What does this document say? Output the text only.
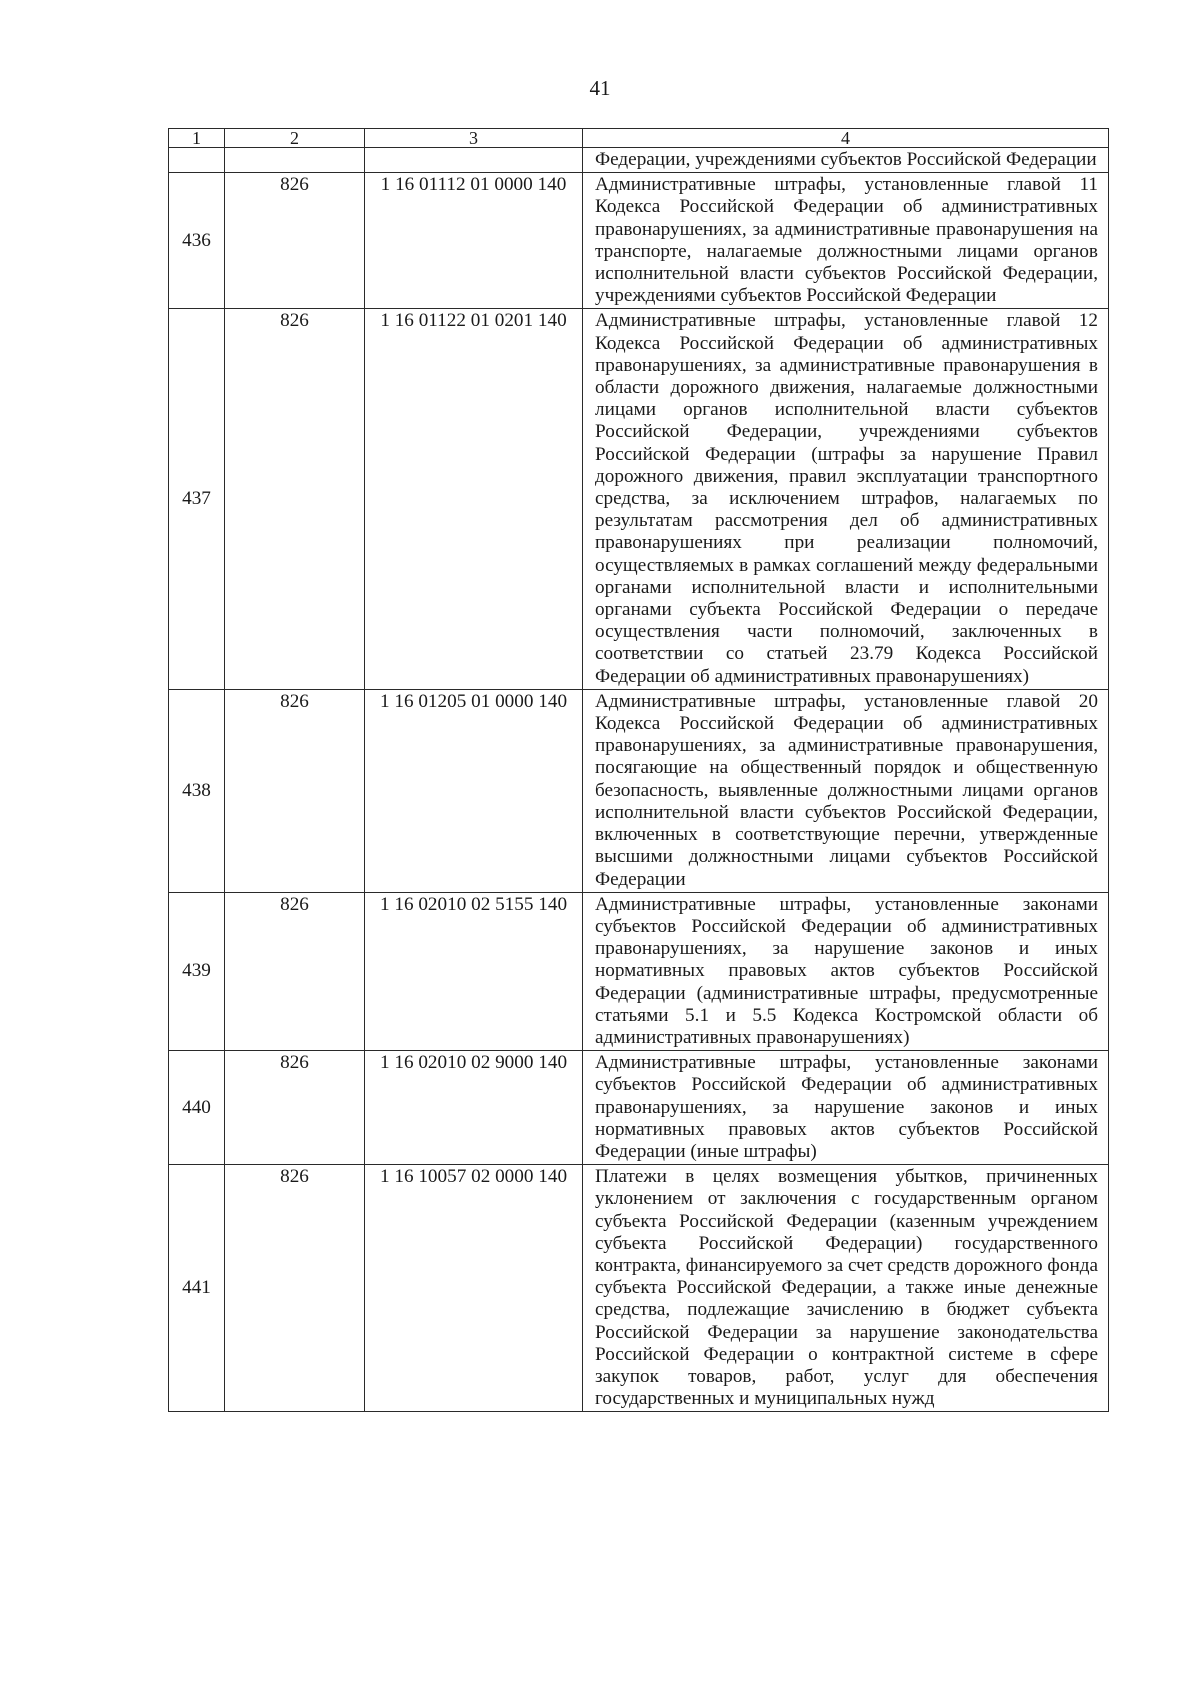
41
1	2	3	4
			Федерации, учреждениями субъектов Российской Федерации
436	826	1 16 01112 01 0000 140	Административные штрафы, установленные главой 11 Кодекса Российской Федерации об административных правонарушениях, за административные правонарушения на транспорте, налагаемые должностными лицами органов исполнительной власти субъектов Российской Федерации, учреждениями субъектов Российской Федерации
437	826	1 16 01122 01 0201 140	Административные штрафы, установленные главой 12 Кодекса Российской Федерации об административных правонарушениях, за административные правонарушения в области дорожного движения, налагаемые должностными лицами органов исполнительной власти субъектов Российской Федерации, учреждениями субъектов Российской Федерации (штрафы за нарушение Правил дорожного движения, правил эксплуатации транспортного средства, за исключением штрафов, налагаемых по результатам рассмотрения дел об административных правонарушениях при реализации полномочий, осуществляемых в рамках соглашений между федеральными органами исполнительной власти и исполнительными органами субъекта Российской Федерации о передаче осуществления части полномочий, заключенных в соответствии со статьей 23.79 Кодекса Российской Федерации об административных правонарушениях)
438	826	1 16 01205 01 0000 140	Административные штрафы, установленные главой 20 Кодекса Российской Федерации об административных правонарушениях, за административные правонарушения, посягающие на общественный порядок и общественную безопасность, выявленные должностными лицами органов исполнительной власти субъектов Российской Федерации, включенных в соответствующие перечни, утвержденные высшими должностными лицами субъектов Российской Федерации
439	826	1 16 02010 02 5155 140	Административные штрафы, установленные законами субъектов Российской Федерации об административных правонарушениях, за нарушение законов и иных нормативных правовых актов субъектов Российской Федерации (административные штрафы, предусмотренные статьями 5.1 и 5.5 Кодекса Костромской области об административных правонарушениях)
440	826	1 16 02010 02 9000 140	Административные штрафы, установленные законами субъектов Российской Федерации об административных правонарушениях, за нарушение законов и иных нормативных правовых актов субъектов Российской Федерации (иные штрафы)
441	826	1 16 10057 02 0000 140	Платежи в целях возмещения убытков, причиненных уклонением от заключения с государственным органом субъекта Российской Федерации (казенным учреждением субъекта Российской Федерации) государственного контракта, финансируемого за счет средств дорожного фонда субъекта Российской Федерации, а также иные денежные средства, подлежащие зачислению в бюджет субъекта Российской Федерации за нарушение законодательства Российской Федерации о контрактной системе в сфере закупок товаров, работ, услуг для обеспечения государственных и муниципальных нужд
